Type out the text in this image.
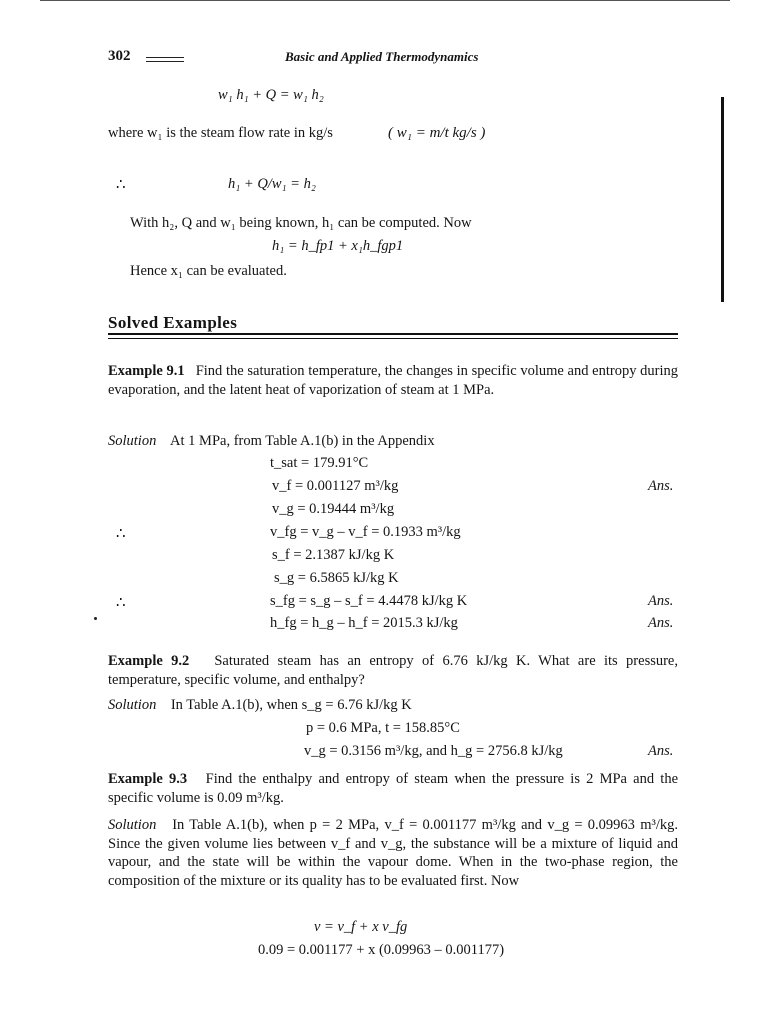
302	Basic and Applied Thermodynamics
w₁ h₁ + Q = w₁ h₂
where w₁ is the steam flow rate in kg/s	( w₁ = m/t kg/s )
∴	h₁ + Q/w₁ = h₂
With h₂, Q and w₁ being known, h₁ can be computed. Now
h₁ = h_fp1 + x₁h_fgp1
Hence x₁ can be evaluated.
Solved Examples
Example 9.1 Find the saturation temperature, the changes in specific volume and entropy during evaporation, and the latent heat of vaporization of steam at 1 MPa.
Solution At 1 MPa, from Table A.1(b) in the Appendix
t_sat = 179.91°C
v_f = 0.001127 m³/kg	Ans.
v_g = 0.19444 m³/kg
∴	v_fg = v_g – v_f = 0.1933 m³/kg
s_f = 2.1387 kJ/kg K
s_g = 6.5865 kJ/kg K
∴	s_fg = s_g – s_f = 4.4478 kJ/kg K	Ans.
h_fg = h_g – h_f = 2015.3 kJ/kg	Ans.
Example 9.2 Saturated steam has an entropy of 6.76 kJ/kg K. What are its pressure, temperature, specific volume, and enthalpy?
Solution In Table A.1(b), when s_g = 6.76 kJ/kg K
p = 0.6 MPa, t = 158.85°C
v_g = 0.3156 m³/kg, and h_g = 2756.8 kJ/kg	Ans.
Example 9.3 Find the enthalpy and entropy of steam when the pressure is 2 MPa and the specific volume is 0.09 m³/kg.
Solution In Table A.1(b), when p = 2 MPa, v_f = 0.001177 m³/kg and v_g = 0.09963 m³/kg. Since the given volume lies between v_f and v_g, the substance will be a mixture of liquid and vapour, and the state will be within the vapour dome. When in the two-phase region, the composition of the mixture or its quality has to be evaluated first. Now
v = v_f + x v_fg
0.09 = 0.001177 + x (0.09963 – 0.001177)
